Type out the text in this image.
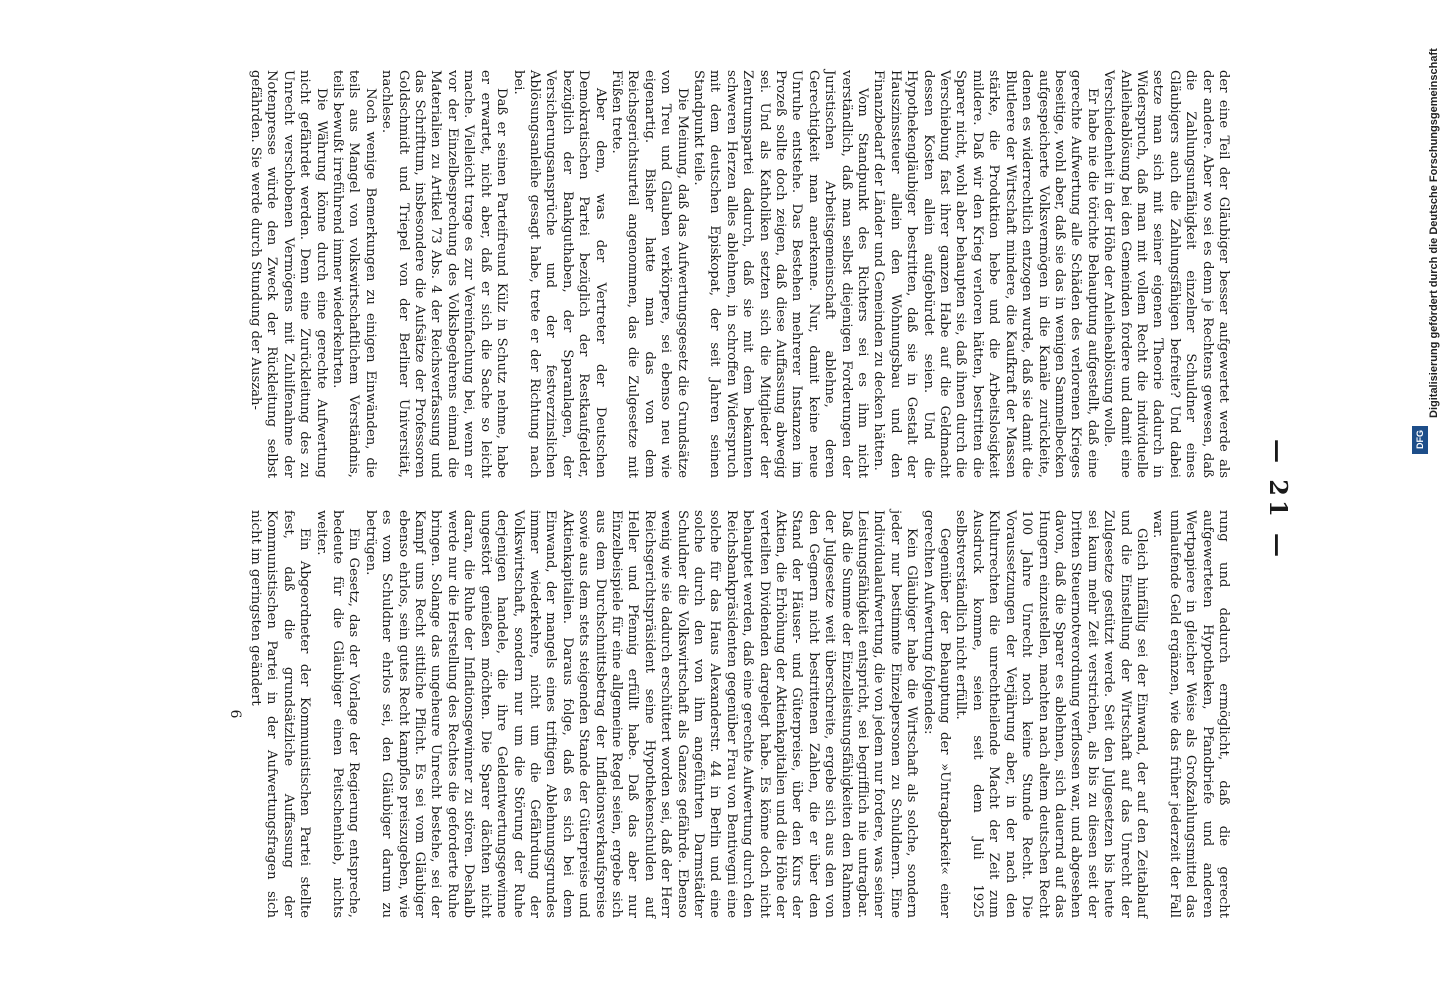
— 21 —

der eine Teil der Gläubiger besser aufgewertet werde als der andere. Aber wo sei es denn je Rechtens gewesen, daß die Zahlungsunfähigkeit einzelner Schuldner eines Gläubigers auch die Zahlungsfähigen befreite? Und dabei setze man sich mit seiner eigenen Theorie dadurch in Widerspruch, daß man mit vollem Recht die individuelle Anleiheablösung bei den Gemeinden fordere und damit eine Verschiedenheit in der Höhe der Anleiheablösung wolle.

Er habe nie die törichte Behauptung aufgestellt, daß eine gerechte Aufwertung alle Schäden des verlorenen Krieges beseitige, wohl aber, daß sie das in wenigen Sammelbecken aufgespeicherte Volksvermögen in die Kanäle zurückleite, denen es widerrechtlich entzogen wurde, daß sie damit die Blutleere der Wirtschaft mindere, die Kaufkraft der Massen stärke, die Produktion hebe und die Arbeitslosigkeit mildere. Daß wir den Krieg verloren hätten, bestritten die Sparer nicht, wohl aber behaupten sie, daß ihnen durch die Verschiebung fast ihrer ganzen Habe auf die Geldmacht dessen Kosten allein aufgebürdet seien. Und die Hypothekengläubiger bestritten, daß sie in Gestalt der Hauszinssteuer allein den Wohnungsbau und den Finanzbedarf der Länder und Gemeinden zu decken hätten.

Vom Standpunkt des Richters sei es ihm nicht verständlich, daß man selbst diejenigen Forderungen der Juristischen Arbeitsgemeinschaft ablehne, deren Gerechtigkeit man anerkenne. Nur, damit keine neue Unruhe entstehe. Das Bestehen mehrerer Instanzen im Prozeß sollte doch zeigen, daß diese Auffassung abwegig sei. Und als Katholiken setzten sich die Mitglieder der Zentrumspartei dadurch, daß sie mit dem bekannten schweren Herzen alles ablehnen, in schroffen Widerspruch mit dem deutschen Episkopat, der seit Jahren seinen Standpunkt teile.

Die Meinung, daß das Aufwertungsgesetz die Grundsätze von Treu und Glauben verkörpere, sei ebenso neu wie eigenartig. Bisher hatte man das von dem Reichsgerichtsurteil angenommen, das die Zulgesetze mit Füßen trete.

Aber dem, was der Vertreter der Deutschen Demokratischen Partei bezüglich der Restkaufgelder, bezüglich der Bankguthaben, der Sparanlagen, der Versicherungsansprüche und der festverzinslichen Ablösungsanleihe gesagt habe, trete er der Richtung nach bei.

Daß er seinen Parteifreund Külz in Schutz nehme, habe er erwartet, nicht aber, daß er sich die Sache so leicht mache. Vielleicht trage es zur Vereinfachung bei, wenn er vor der Einzelbesprechung des Volksbegehrens einmal die Materialien zu Artikel 73 Abs. 4 der Reichsverfassung und das Schrifttum, insbesondere die Aufsätze der Professoren Goldschmidt und Triepel von der Berliner Universität, nachlese.

Noch wenige Bemerkungen zu einigen Einwänden, die teils aus Mangel von volkswirtschaftlichem Verständnis, teils bewußt irreführend immer wiederkehrten.

Die Währung könne durch eine gerechte Aufwertung nicht gefährdet werden. Denn eine Zurückleitung des zu Unrecht verschobenen Vermögens mit Zuhilfenahme der Notenpresse würde den Zweck der Rückleitung selbst gefährden. Sie werde durch Stundung der Auszah-

rung und dadurch ermöglicht, daß die gerecht aufgewerteten Hypotheken, Pfandbriefe und anderen Wertpapiere in gleicher Weise als Großzahlungsmittel das umlaufende Geld ergänzen, wie das früher jederzeit der Fall war.

Gleich hinfällig sei der Einwand, der auf den Zeitablauf und die Einstellung der Wirtschaft auf das Unrecht der Zulgesetze gestützt werde. Seit den Julgesetzen bis heute sei kaum mehr Zeit verstrichen, als bis zu diesen seit der Dritten Steuernotverordnung verflossen war, und abgesehen davon, daß die Sparer es ablehnen, sich dauernd auf das Hungern einzustellen, machten nach altem deutschen Recht 100 Jahre Unrecht noch keine Stunde Recht. Die Voraussetzungen der Verjährung aber, in der nach den Kulturrechten die unrechtheilende Macht der Zeit zum Ausdruck komme, seien seit dem Juli 1925 selbstverständlich nicht erfüllt.

Gegenüber der Behauptung der »Untragbarkeit« einer gerechten Aufwertung folgendes:

Kein Gläubiger habe die Wirtschaft als solche, sondern jeder nur bestimmte Einzelpersonen zu Schuldnern. Eine Individualaufwertung, die von jedem nur fordere, was seiner Leistungsfähigkeit entspricht, sei begrifflich nie untragbar. Daß die Summe der Einzelleistungsfähigkeiten den Rahmen der Julgesetze weit überschreite, ergebe sich aus den von den Gegnern nicht bestrittenen Zahlen, die er über den Stand der Häuser- und Güterpreise, über den Kurs der Aktien, die Erhöhung der Aktienkapitalien und die Höhe der verteilten Dividenden dargelegt habe. Es könne doch nicht behauptet werden, daß eine gerechte Aufwertung durch den Reichsbankpräsidenten gegenüber Frau von Bentivegni eine solche für das Haus Alexanderstr. 44 in Berlin und eine solche durch den von ihm angeführten Darmstädter Schuldner die Volkswirtschaft als Ganzes gefährde. Ebenso wenig wie sie dadurch erschüttert worden sei, daß der Herr Reichsgerichtspräsident seine Hypothekenschulden auf Heller und Pfennig erfüllt habe. Daß das aber nur Einzelbeispiele für eine allgemeine Regel seien, ergebe sich aus dem Durchschnittsbetrag der Inflationsverkaufspreise sowie aus dem stets steigenden Stande der Güterpreise und Aktienkapitalien. Daraus folge, daß es sich bei dem Einwand, der mangels eines triftigen Ablehnungsgrundes immer wiederkehre, nicht um die Gefährdung der Volkswirtschaft, sondern nur um die Störung der Ruhe derjenigen handele, die ihre Geldentwertungsgewinne ungestört genießen möchten. Die Sparer dächten nicht daran, die Ruhe der Inflationsgewinner zu stören. Deshalb werde nur die Herstellung des Rechtes die geforderte Ruhe bringen. Solange das ungeheure Unrecht bestehe, sei der Kampf ums Recht sittliche Pflicht. Es sei vom Gläubiger ebenso ehrlos, sein gutes Recht kampflos preiszugeben, wie es vom Schuldner ehrlos sei, den Gläubiger darum zu betrügen.

Ein Gesetz, das der Vorlage der Regierung entspreche, bedeute für die Gläubiger einen Peitschenhieb, nichts weiter.

Ein Abgeordneter der Kommunistischen Partei stellte fest, daß die grundsätzliche Auffassung der Kommunistischen Partei in der Aufwertungsfragen sich nicht im geringsten geändert

6
Digitalisierung gefördert durch die Deutsche Forschungsgemeinschaft
DFG
